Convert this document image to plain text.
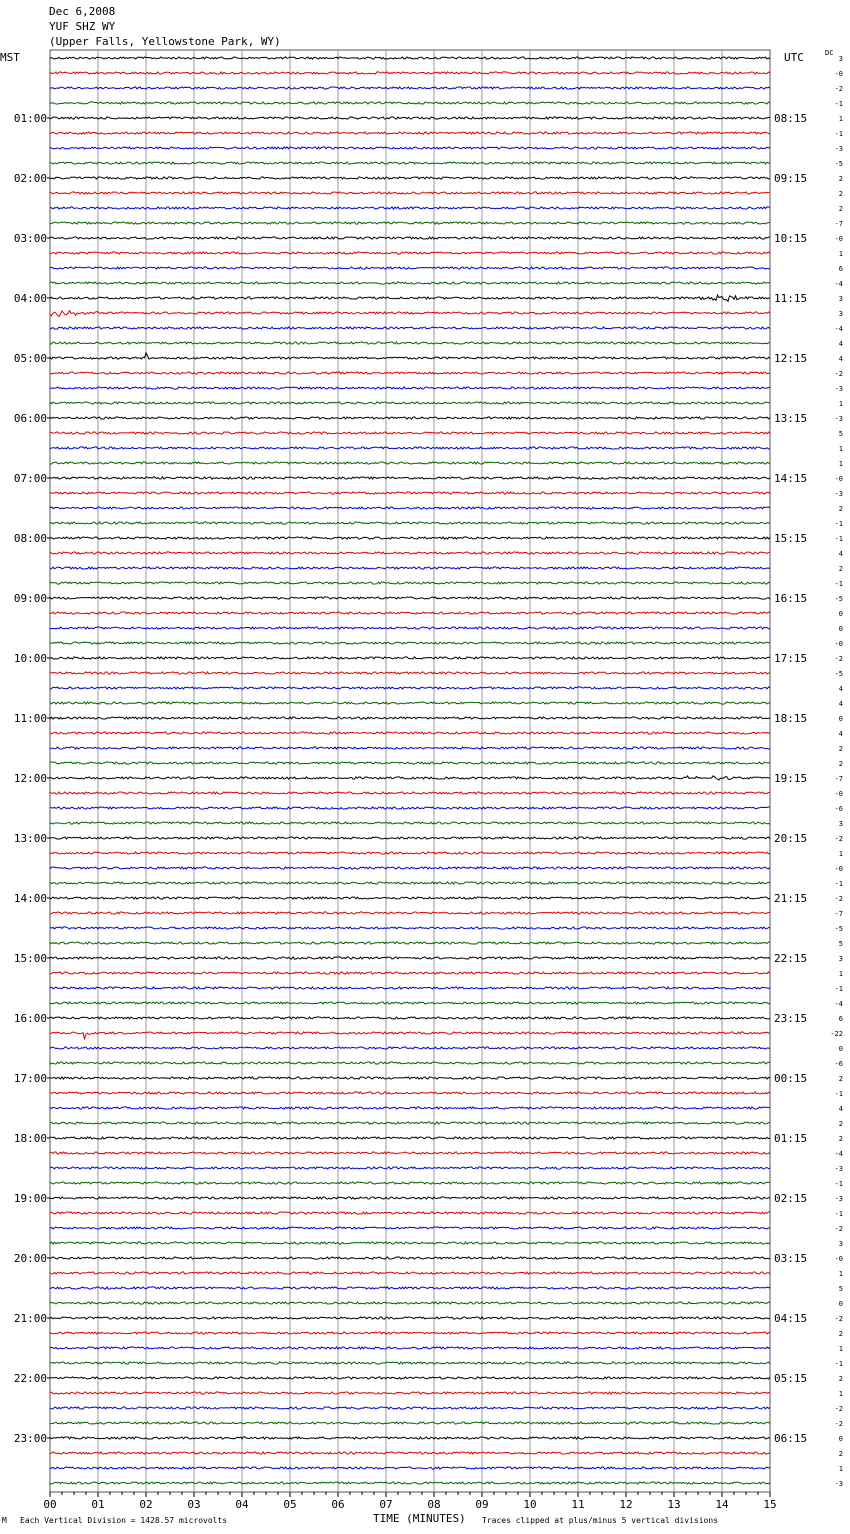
Dec 6,2008
YUF SHZ WY
(Upper Falls, Yellowstone Park, WY)
MST	UTC	DC
00	01	02	03	04	05	06	07	08	09	10	11	12	13	14	15
3
-0
-2
-1
1
-1
-3
-5
2
2
2
-7
-0
1
6
-4
3
3
-4
4
4
-2
-3
1
-3
5
1
1
-0
-3
2
-1
-1
4
2
-1
-5
0
0
-0
-2
-5
4
4
0
4
2
2
-7
-0
-6
3
-2
1
-0
-1
-2
-7
-5
5
3
1
-1
-4
6
-22
0
-6
2
-1
4
2
2
-4
-3
-1
-3
-1
-2
3
-0
1
5
0
-2
2
1
-1
2
1
-2
-2
0
2
1
-3
01:00
02:00
03:00
04:00
05:00
06:00
07:00
08:00
09:00
10:00
11:00
12:00
13:00
14:00
15:00
16:00
17:00
18:00
19:00
20:00
21:00
22:00
23:00
08:15
09:15
10:15
11:15
12:15
13:15
14:15
15:15
16:15
17:15
18:15
19:15
20:15
21:15
22:15
23:15
00:15
01:15
02:15
03:15
04:15
05:15
06:15
M Each Vertical Division = 1428.57 microvolts	TIME (MINUTES) Traces clipped at plus/minus 5 vertical divisions
